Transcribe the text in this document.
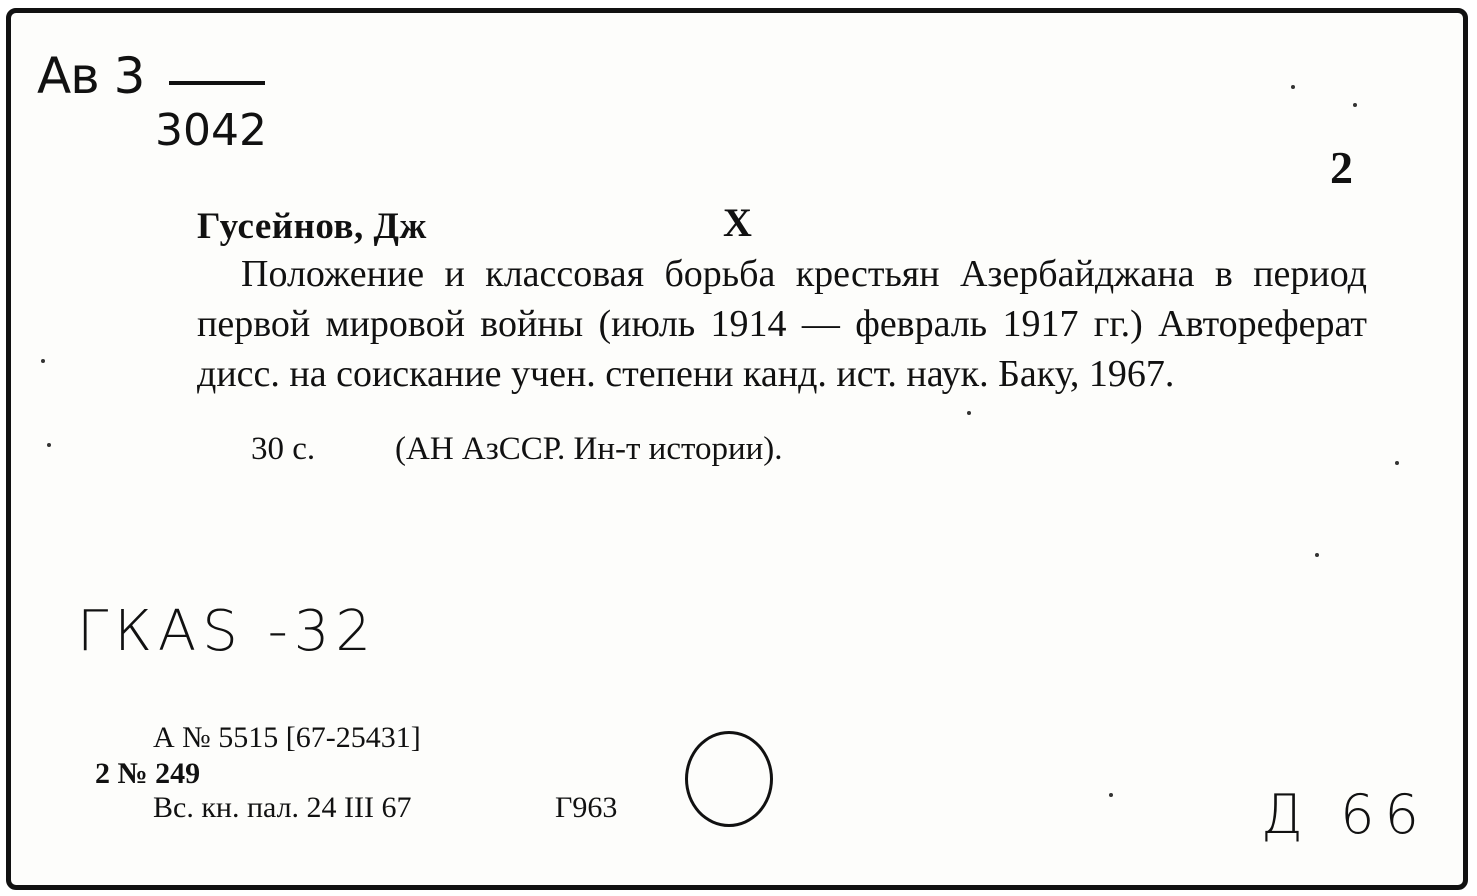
Ав 3
3042
2
Гусейнов, Дж	Х

Положение и классовая борьба крестьян Азербайджана в период первой мировой войны (июль 1914 — февраль 1917 гг.) Автореферат дисс. на соискание учен. степени канд. ист. наук. Баку, 1967.

30 с. (АН АзССР. Ин-т истории).
ГКАS -32
А № 5515 [67-25431]
2 № 249
Вс. кн. пал. 24 III 67	Г963	Д 66
